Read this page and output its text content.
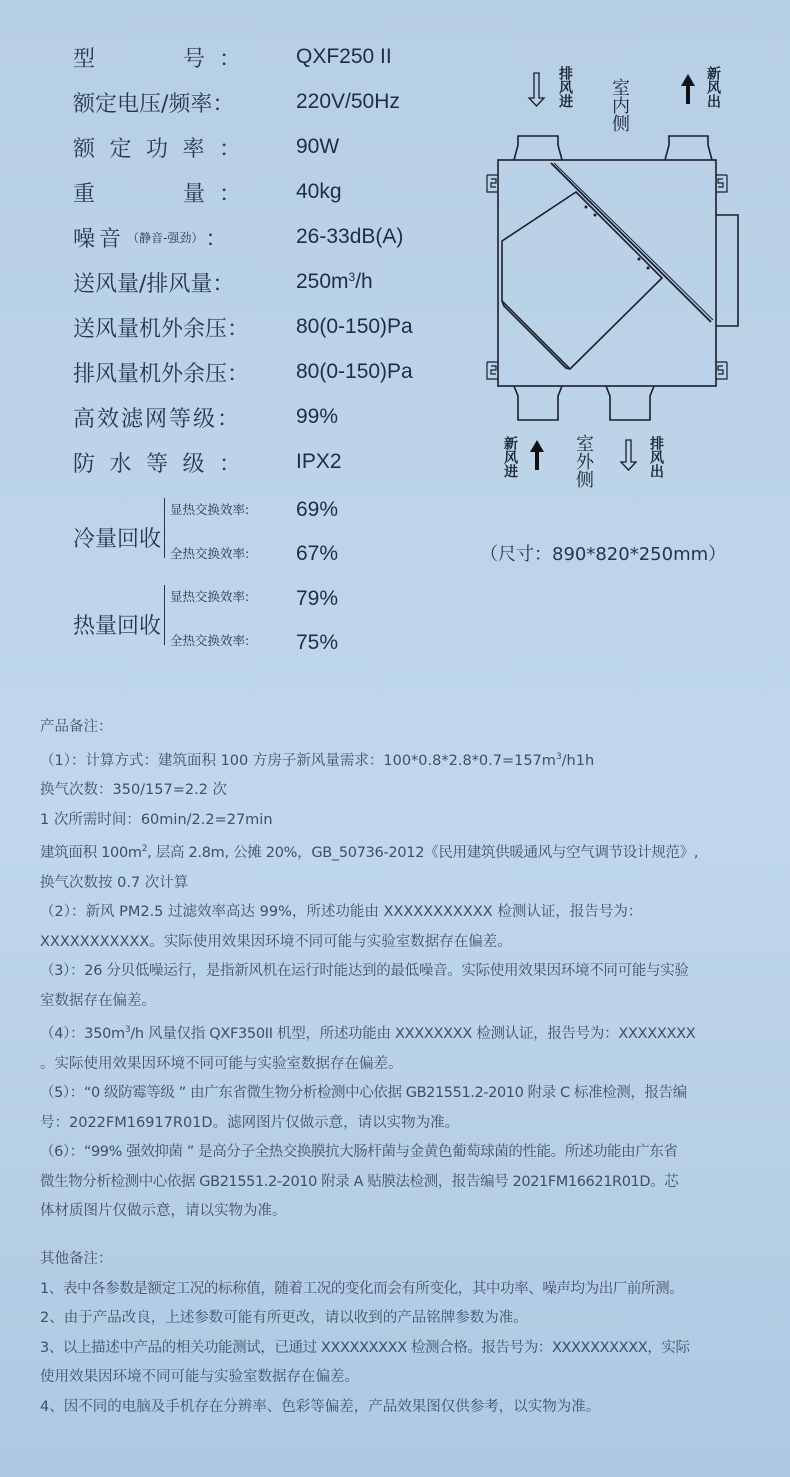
型	号 ：	QXF250 II
额定电压/频率：	220V/50Hz
额 定 功 率 ：	90W
重	量 ：	40kg
噪音 （静音-强劲） ：	26-33dB(A)
送风量/排风量：	$250m^3/h$
送风量机外余压： 80(0-150)Pa
排风量机外余压： 80(0-150)Pa
高效滤网等级：	99%
防 水 等 级 ：	IPX2
冷量回收
显热交换效率: 69%
全热交换效率: 67%
热量回收
显热交换效率: 79%
全热交换效率: 75%
排风进 室内侧	新风出
新风进	室外侧	排风出
（尺寸：890*820*250mm）

产品备注：

（1）：计算方式：建筑面积 100 方房子新风量需求：$100*0.8*2.8*0.7=157m^3/h1h$

换气次数：350/157=2.2 次

1 次所需时间：60min/2.2=27min

建筑面积 $100m^2$, 层高 2.8m, 公摊 20%，GB_50736-2012《民用建筑供暖通风与空气调节设计规范》,

换气次数按 0.7 次计算

（2）：新风 PM2.5 过滤效率高达 99%，所述功能由 XXXXXXXXXXX 检测认证，报告号为：

XXXXXXXXXXX。实际使用效果因环境不同可能与实验室数据存在偏差。

（3）：26 分贝低噪运行，是指新风机在运行时能达到的最低噪音。实际使用效果因环境不同可能与实验

室数据存在偏差。

（4）：$350m^3/h$ 风量仅指 QXF350II 机型，所述功能由 XXXXXXXX 检测认证，报告号为：XXXXXXXX

。实际使用效果因环境不同可能与实验室数据存在偏差。

（5）：“0 级防霉等级 ” 由广东省微生物分析检测中心依据 GB21551.2-2010 附录 C 标准检测，报告编

号：2022FM16917R01D。滤网图片仅做示意，请以实物为准。

（6）：“99% 强效抑菌 ” 是高分子全热交换膜抗大肠杆菌与金黄色葡萄球菌的性能。所述功能由广东省

微生物分析检测中心依据 GB21551.2-2010 附录 A 贴膜法检测，报告编号 2021FM16621R01D。芯

体材质图片仅做示意，请以实物为准。

其他备注：

1、表中各参数是额定工况的标称值，随着工况的变化而会有所变化，其中功率、噪声均为出厂前所测。

2、由于产品改良，上述参数可能有所更改，请以收到的产品铭牌参数为准。

3、以上描述中产品的相关功能测试，已通过 XXXXXXXXX 检测合格。报告号为：XXXXXXXXXX，实际

使用效果因环境不同可能与实验室数据存在偏差。

4、因不同的电脑及手机存在分辨率、色彩等偏差，产品效果图仅供参考，以实物为准。
